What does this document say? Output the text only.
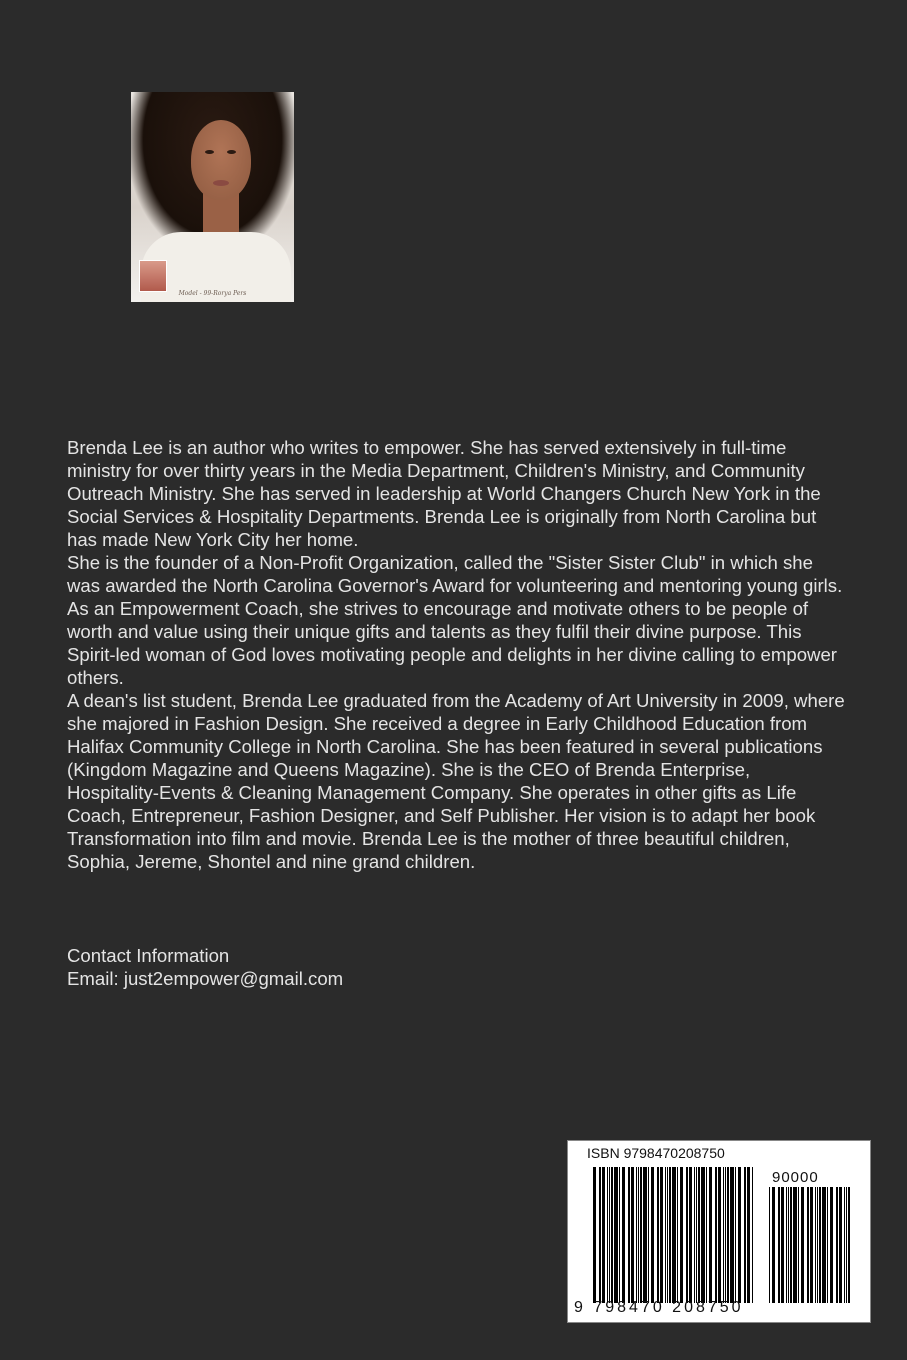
Model - 99-Rorya Pers

Brenda Lee is an author who writes to empower. She has served extensively in full-time ministry for over thirty years in the Media Department, Children's Ministry, and Community Outreach Ministry. She has served in leadership at World Changers Church New York in the Social Services & Hospitality Departments. Brenda Lee is originally from North Carolina but has made New York City her home.

She is the founder of a Non-Profit Organization, called the "Sister Sister Club" in which she was awarded the North Carolina Governor's Award for volunteering and mentoring young girls. As an Empowerment Coach, she strives to encourage and motivate others to be people of worth and value using their unique gifts and talents as they fulfil their divine purpose. This Spirit-led woman of God loves motivating people and delights in her divine calling to empower others.

A dean's list student, Brenda Lee graduated from the Academy of Art University in 2009, where she majored in Fashion Design. She received a degree in Early Childhood Education from Halifax Community College in North Carolina. She has been featured in several publications (Kingdom Magazine and Queens Magazine). She is the CEO of Brenda Enterprise, Hospitality-Events & Cleaning Management Company. She operates in other gifts as Life Coach, Entrepreneur, Fashion Designer, and Self Publisher. Her vision is to adapt her book Transformation into film and movie. Brenda Lee is the mother of three beautiful children, Sophia, Jereme, Shontel and nine grand children.

Contact Information
Email: just2empower@gmail.com
ISBN 9798470208750
90000
9 798470 208750
